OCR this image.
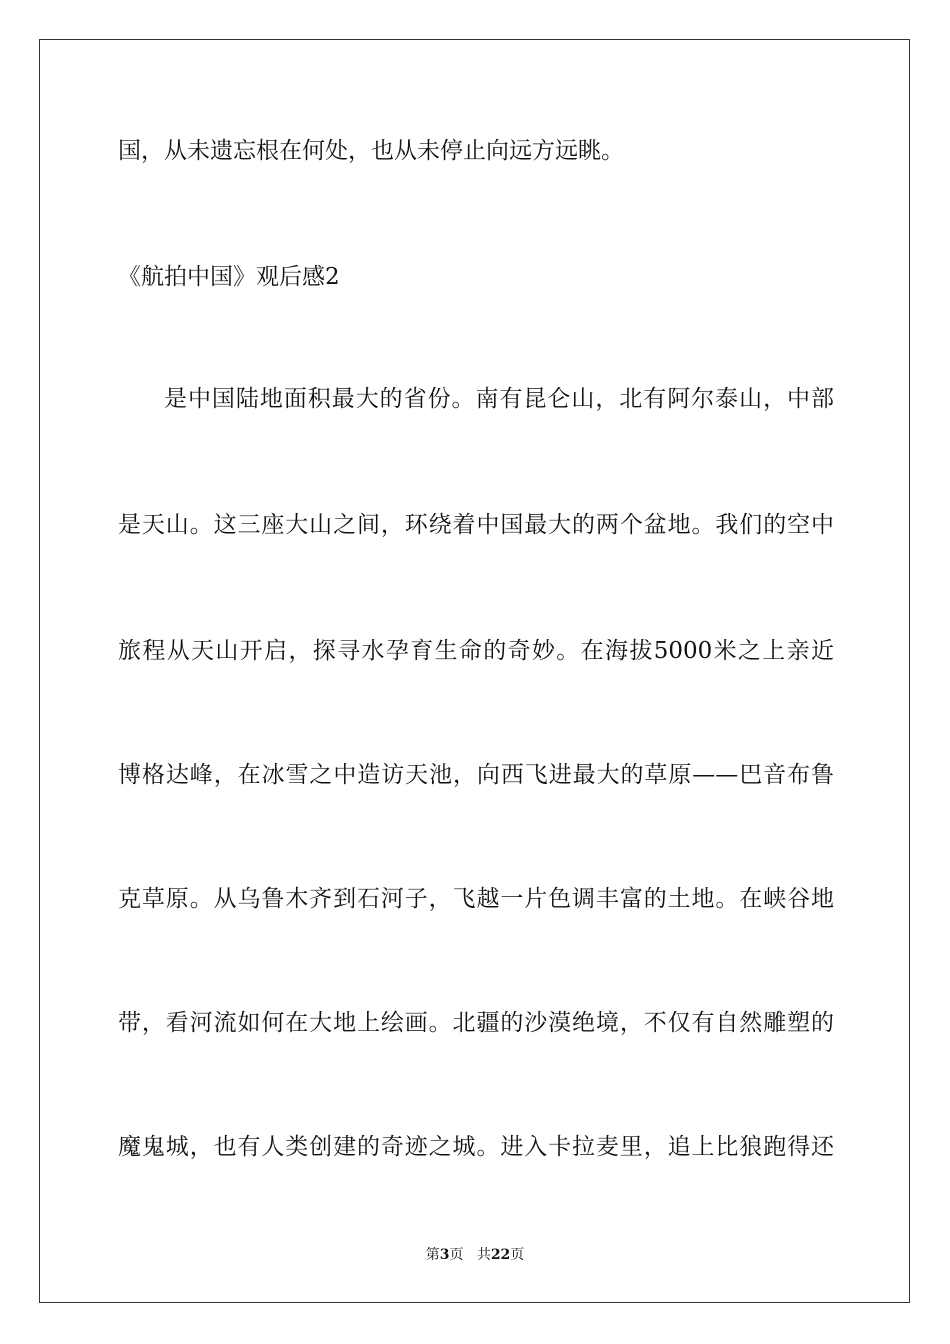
国，从未遗忘根在何处，也从未停止向远方远眺。
《航拍中国》观后感2
是中国陆地面积最大的省份。南有昆仑山，北有阿尔泰山，中部
是天山。这三座大山之间，环绕着中国最大的两个盆地。我们的空中
旅程从天山开启，探寻水孕育生命的奇妙。在海拔5000米之上亲近
博格达峰，在冰雪之中造访天池，向西飞进最大的草原——巴音布鲁
克草原。从乌鲁木齐到石河子，飞越一片色调丰富的土地。在峡谷地
带，看河流如何在大地上绘画。北疆的沙漠绝境，不仅有自然雕塑的
魔鬼城，也有人类创建的奇迹之城。进入卡拉麦里，追上比狼跑得还
第3页 共22页
